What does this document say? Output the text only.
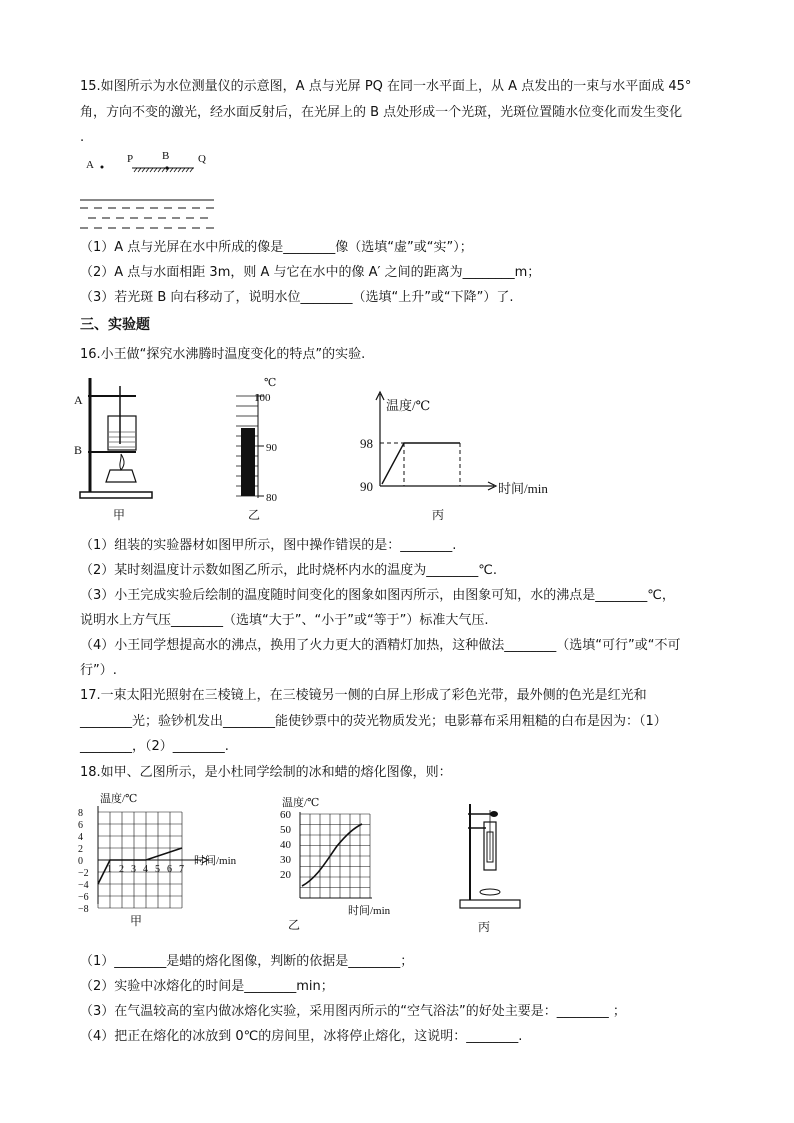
15.如图所示为水位测量仪的示意图，A 点与光屏 PQ 在同一水平面上，从 A 点发出的一束与水平面成 45°
角，方向不变的激光，经水面反射后，在光屏上的 B 点处形成一个光斑，光斑位置随水位变化而发生变化
.
A	P	B	Q
（1）A 点与光屏在水中所成的像是________像（选填“虚”或“实”）；
（2）A 点与水面相距 3m，则 A 与它在水中的像 A′ 之间的距离为________m；
（3）若光斑 B 向右移动了，说明水位________（选填“上升”或“下降”）了.
三、实验题
16.小王做“探究水沸腾时温度变化的特点”的实验.
A
B
甲
℃
100
90
80
乙
温度/℃
时间/min
98
90
丙
（1）组装的实验器材如图甲所示，图中操作错误的是：________.
（2）某时刻温度计示数如图乙所示，此时烧杯内水的温度为________℃.
（3）小王完成实验后绘制的温度随时间变化的图象如图丙所示，由图象可知，水的沸点是________℃，
说明水上方气压________（选填“大于”、“小于”或“等于”）标准大气压.
（4）小王同学想提高水的沸点，换用了火力更大的酒精灯加热，这种做法________（选填“可行”或“不可
行”）.
17.一束太阳光照射在三棱镜上，在三棱镜另一侧的白屏上形成了彩色光带，最外侧的色光是红光和
________光；验钞机发出________能使钞票中的荧光物质发光；电影幕布采用粗糙的白布是因为：（1）
________，（2）________.
18.如甲、乙图所示，是小杜同学绘制的冰和蜡的熔化图像，则：
温度/℃
时间/min
8
6
4
2
0
−2
−4
−6
−8
1 2 3 4 5 6 7
甲
温度/℃
60
50
40
30
20
时间/min
乙	丙
（1）________是蜡的熔化图像，判断的依据是________；
（2）实验中冰熔化的时间是________min；
（3）在气温较高的室内做冰熔化实验，采用图丙所示的“空气浴法”的好处主要是：________ ；
（4）把正在熔化的冰放到 0℃的房间里，冰将停止熔化，这说明：________.
